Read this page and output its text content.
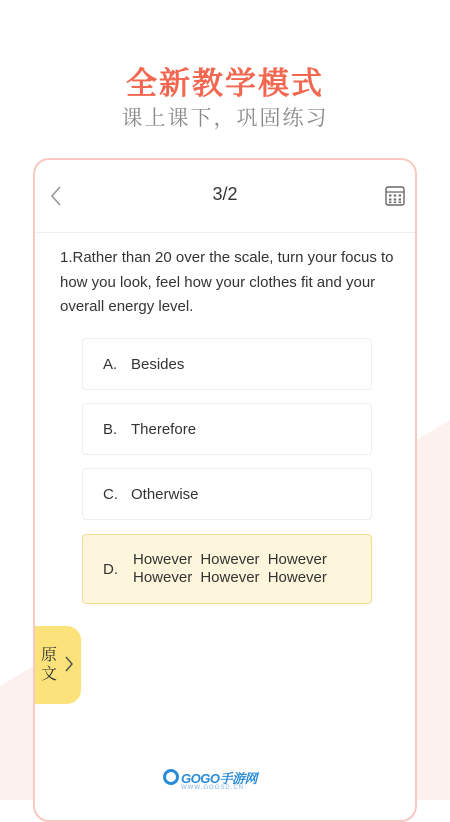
全新教学模式
课上课下，巩固练习
3/2
1.Rather than 20 over the scale, turn your focus to how you look, feel how your clothes fit and your overall energy level.
A. Besides
B. Therefore
C. Otherwise
D.
However However However However However However
原文
GOGO手游网
WWW.GOGSD.CN
